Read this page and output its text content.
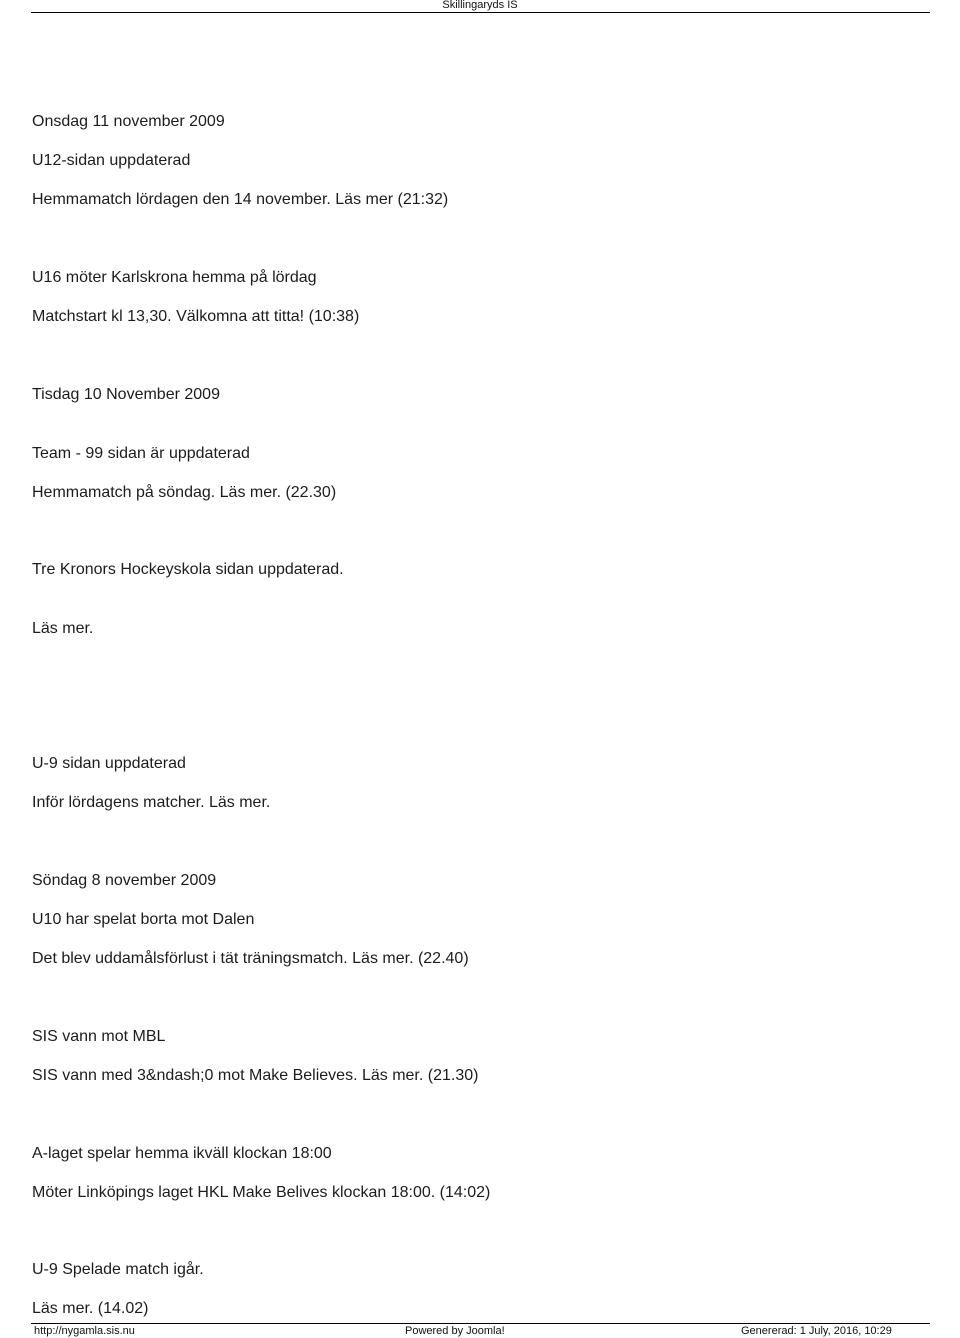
Skillingaryds IS
Onsdag 11 november 2009
U12-sidan uppdaterad
Hemmamatch lördagen den 14 november. Läs mer (21:32)
U16 möter Karlskrona hemma på lördag
Matchstart kl 13,30. Välkomna att titta! (10:38)
Tisdag 10 November 2009
Team - 99 sidan är uppdaterad
Hemmamatch på söndag. Läs mer. (22.30)
Tre Kronors Hockeyskola sidan uppdaterad.
Läs mer.
U-9 sidan uppdaterad
Inför lördagens matcher. Läs mer.
Söndag 8 november 2009
U10 har spelat borta mot Dalen
Det blev uddamålsförlust i tät träningsmatch. Läs mer. (22.40)
SIS vann mot MBL
SIS vann med 3&ndash;0 mot Make Believes. Läs mer. (21.30)
A-laget spelar hemma ikväll klockan 18:00
Möter Linköpings laget HKL Make Belives klockan 18:00. (14:02)
U-9 Spelade match igår.
Läs mer. (14.02)
http://nygamla.sis.nu	Powered by Joomla!	Genererad: 1 July, 2016, 10:29
